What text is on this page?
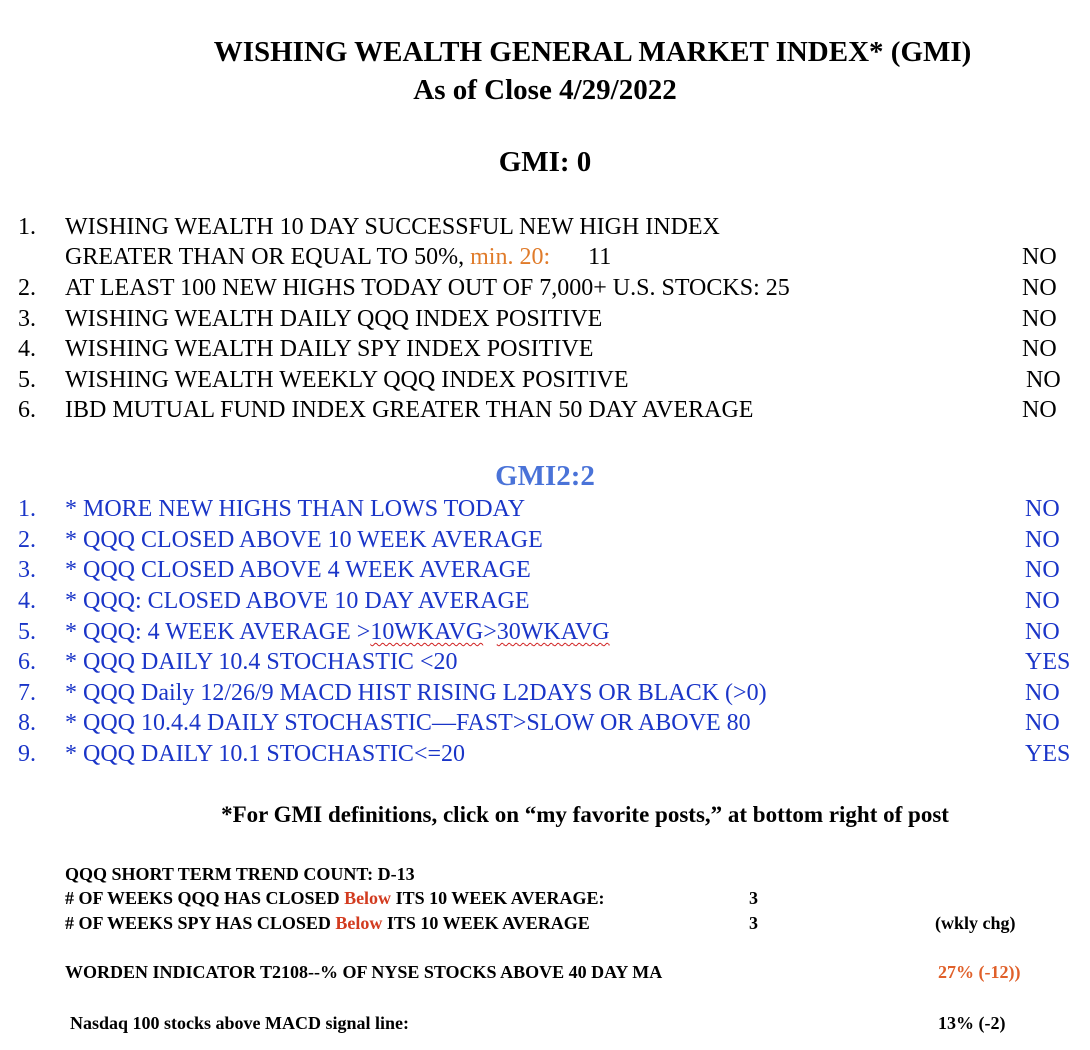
WISHING WEALTH GENERAL MARKET INDEX* (GMI)
As of Close 4/29/2022
GMI: 0
1. WISHING WEALTH 10 DAY SUCCESSFUL NEW HIGH INDEX
GREATER THAN OR EQUAL TO 50%, min. 20: 11	NO
2. AT LEAST 100 NEW HIGHS TODAY OUT OF 7,000+ U.S. STOCKS: 25	NO
3. WISHING WEALTH DAILY QQQ INDEX POSITIVE	NO
4. WISHING WEALTH DAILY SPY INDEX POSITIVE	NO
5. WISHING WEALTH WEEKLY QQQ INDEX POSITIVE	NO
6. IBD MUTUAL FUND INDEX GREATER THAN 50 DAY AVERAGE	NO
GMI2:2
1. * MORE NEW HIGHS THAN LOWS TODAY	NO
2. * QQQ CLOSED ABOVE 10 WEEK AVERAGE	NO
3. * QQQ CLOSED ABOVE 4 WEEK AVERAGE	NO
4. * QQQ: CLOSED ABOVE 10 DAY AVERAGE	NO
5. * QQQ: 4 WEEK AVERAGE >10WKAVG>30WKAVG	NO
6. * QQQ DAILY 10.4 STOCHASTIC <20	YES
7. * QQQ Daily 12/26/9 MACD HIST RISING L2DAYS OR BLACK (>0)	NO
8. * QQQ 10.4.4 DAILY STOCHASTIC—FAST>SLOW OR ABOVE 80	NO
9. * QQQ DAILY 10.1 STOCHASTIC<=20	YES
*For GMI definitions, click on “my favorite posts,” at bottom right of post
QQQ SHORT TERM TREND COUNT: D-13
# OF WEEKS QQQ HAS CLOSED Below ITS 10 WEEK AVERAGE:	3
# OF WEEKS SPY HAS CLOSED Below ITS 10 WEEK AVERAGE	3	(wkly chg)
WORDEN INDICATOR T2108--% OF NYSE STOCKS ABOVE 40 DAY MA	27% (-12))
Nasdaq 100 stocks above MACD signal line:	13% (-2)
